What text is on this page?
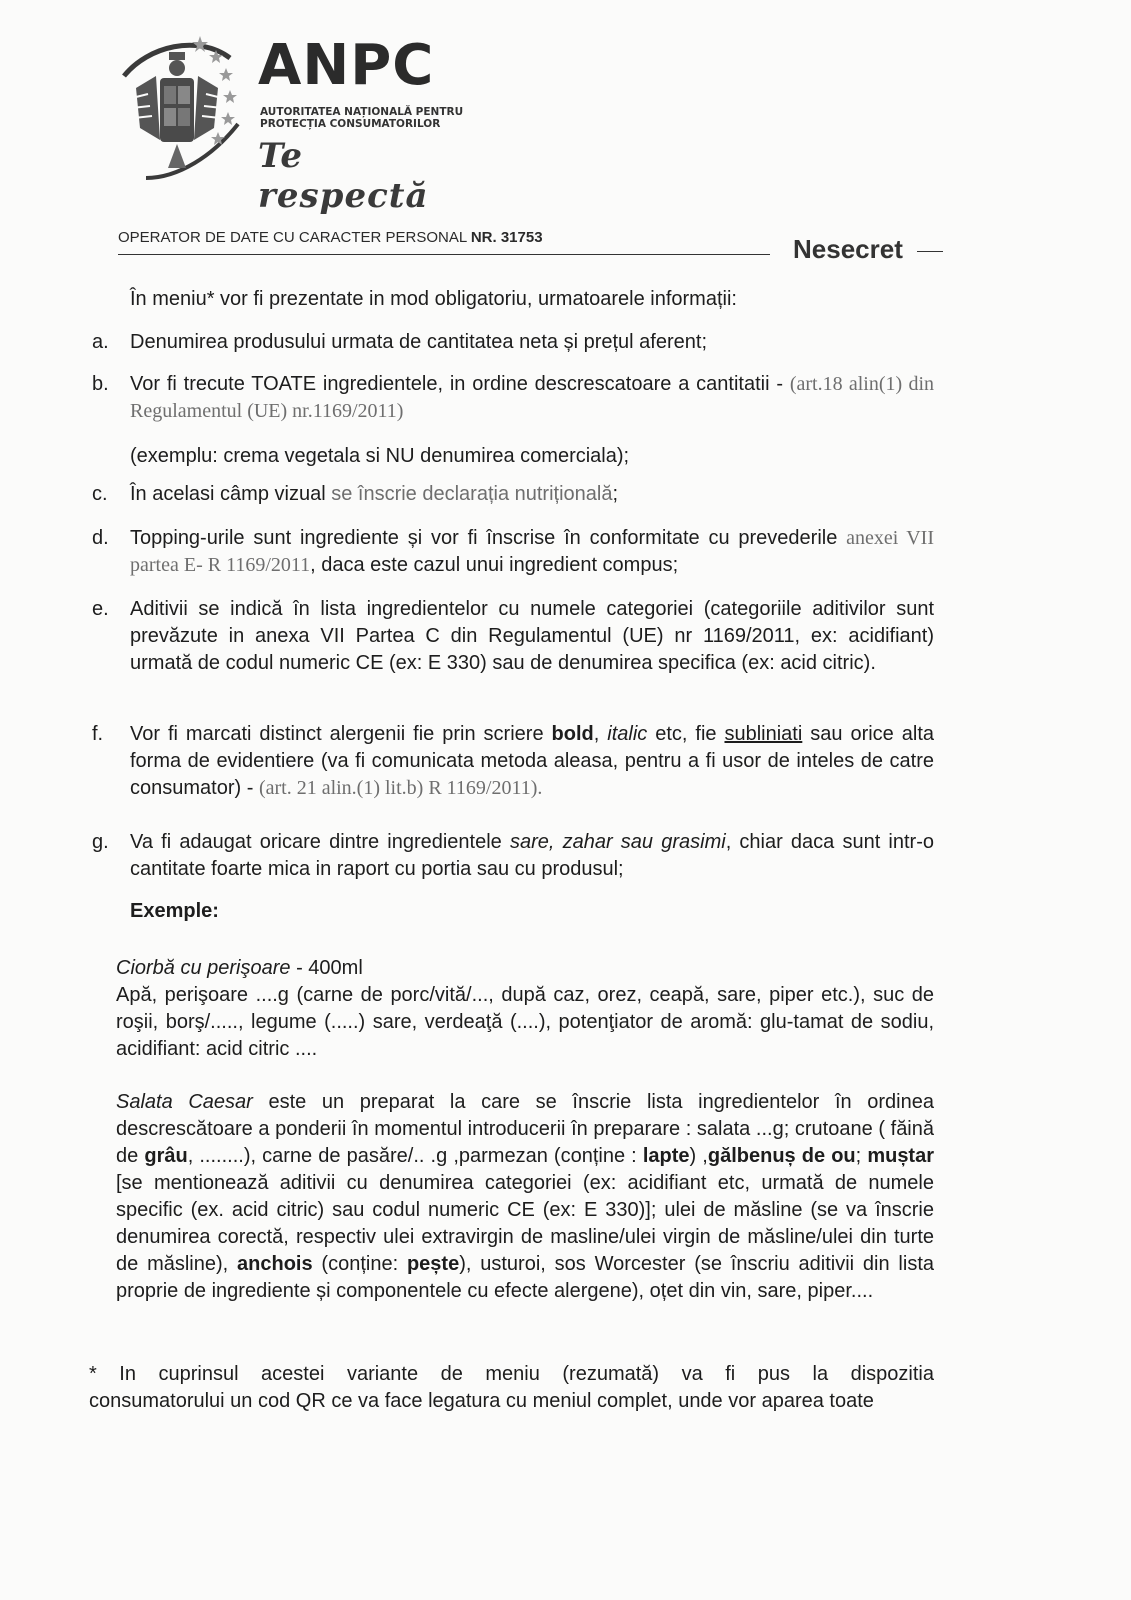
ANPC
AUTORITATEA NAȚIONALĂ PENTRU
PROTECȚIA CONSUMATORILOR
Te respectă
OPERATOR DE DATE CU CARACTER PERSONAL NR. 31753	Nesecret
În meniu* vor fi prezentate in mod obligatoriu, urmatoarele informații:
a.	Denumirea produsului urmata de cantitatea neta și prețul aferent;
b.	Vor fi trecute TOATE ingredientele, in ordine descrescatoare a cantitatii - (art.18 alin(1) din Regulamentul (UE) nr.1169/2011)
(exemplu: crema vegetala si NU denumirea comerciala);
c.	În acelasi câmp vizual se înscrie declarația nutrițională;
d.	Topping-urile sunt ingrediente și vor fi înscrise în conformitate cu prevederile anexei VII partea E- R 1169/2011, daca este cazul unui ingredient compus;
e.	Aditivii se indică în lista ingredientelor cu numele categoriei (categoriile aditivilor sunt prevăzute in anexa VII Partea C din Regulamentul (UE) nr 1169/2011, ex: acidifiant) urmată de codul numeric CE (ex: E 330) sau de denumirea specifica (ex: acid citric).
f.	Vor fi marcati distinct alergenii fie prin scriere bold, italic etc, fie subliniati sau orice alta forma de evidentiere (va fi comunicata metoda aleasa, pentru a fi usor de inteles de catre consumator) - (art. 21 alin.(1) lit.b) R 1169/2011).
g.	Va fi adaugat oricare dintre ingredientele sare, zahar sau grasimi, chiar daca sunt intr-o cantitate foarte mica in raport cu portia sau cu produsul;
Exemple:
Ciorbă cu perişoare - 400ml
Apă, perişoare ....g (carne de porc/vită/..., după caz, orez, ceapă, sare, piper etc.), suc de roşii, borş/....., legume (.....) sare, verdeaţă (....), potenţiator de aromă: glu-tamat de sodiu, acidifiant: acid citric ....
Salata Caesar este un preparat la care se înscrie lista ingredientelor în ordinea descrescătoare a ponderii în momentul introducerii în preparare : salata ...g; crutoane ( făină de grâu, ........), carne de pasăre/.. .g ,parmezan (conține : lapte) ,gălbenuș de ou; muștar [se mentionează aditivii cu denumirea categoriei (ex: acidifiant etc, urmată de numele specific (ex. acid citric) sau codul numeric CE (ex: E 330)]; ulei de măsline (se va înscrie denumirea corectă, respectiv ulei extravirgin de masline/ulei virgin de măsline/ulei din turte de măsline), anchois (conține: pește), usturoi, sos Worcester (se înscriu aditivii din lista proprie de ingrediente și componentele cu efecte alergene), oțet din vin, sare, piper....
* In cuprinsul acestei variante de meniu (rezumată) va fi pus la dispozitia
consumatorului un cod QR ce va face legatura cu meniul complet, unde vor aparea toate
